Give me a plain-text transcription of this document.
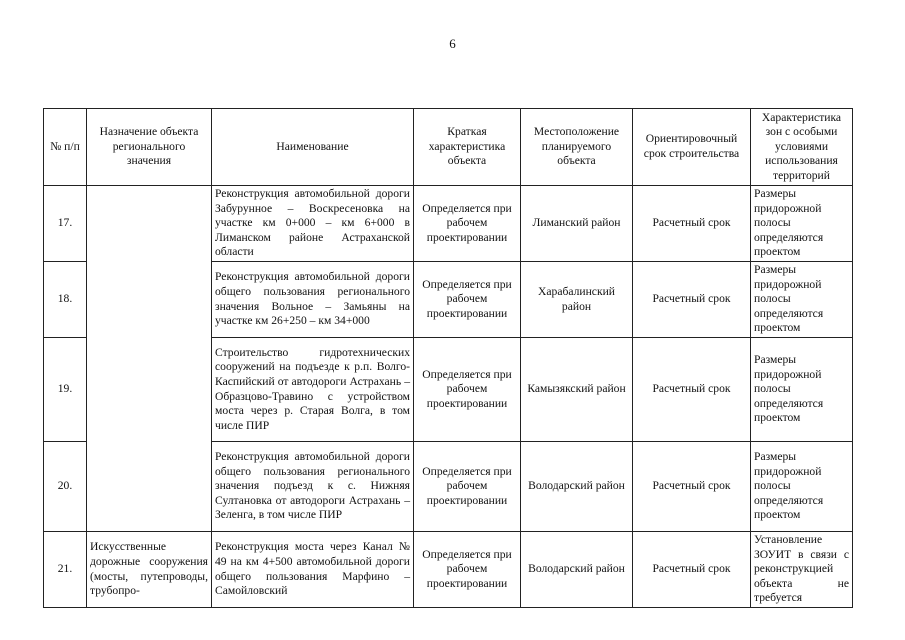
6
№ п/п	Назначение объекта регионального значения	Наименование	Краткая характеристика объекта	Местоположение планируемого объекта	Ориентировочный срок строительства	Характеристика зон с особыми условиями использования территорий
17.		Реконструкция автомобильной дороги Забурунное – Воскресеновка на участке км 0+000 – км 6+000 в Лиманском районе Астраханской области	Определяется при рабочем проектировании	Лиманский район	Расчетный срок	Размеры придорожной полосы определяются проектом
18.		Реконструкция автомобильной дороги общего пользования регионального значения Вольное – Замьяны на участке км 26+250 – км 34+000	Определяется при рабочем проектировании	Харабалинский район	Расчетный срок	Размеры придорожной полосы определяются проектом
19.		Строительство гидротехнических сооружений на подъезде к р.п. Волго-Каспийский от автодороги Астрахань – Образцово-Травино с устройством моста через р. Старая Волга, в том числе ПИР	Определяется при рабочем проектировании	Камызякский район	Расчетный срок	Размеры придорожной полосы определяются проектом
20.		Реконструкция автомобильной дороги общего пользования регионального значения подъезд к с. Нижняя Султановка от автодороги Астрахань – Зеленга, в том числе ПИР	Определяется при рабочем проектировании	Володарский район	Расчетный срок	Размеры придорожной полосы определяются проектом
21.	Искусственные дорожные сооружения (мосты, путепроводы, трубопро-	Реконструкция моста через Канал № 49 на км 4+500 автомобильной дороги общего пользования Марфино – Самойловский	Определяется при рабочем проектировании	Володарский район	Расчетный срок	Установление ЗОУИТ в связи с реконструкцией объекта не требуется
